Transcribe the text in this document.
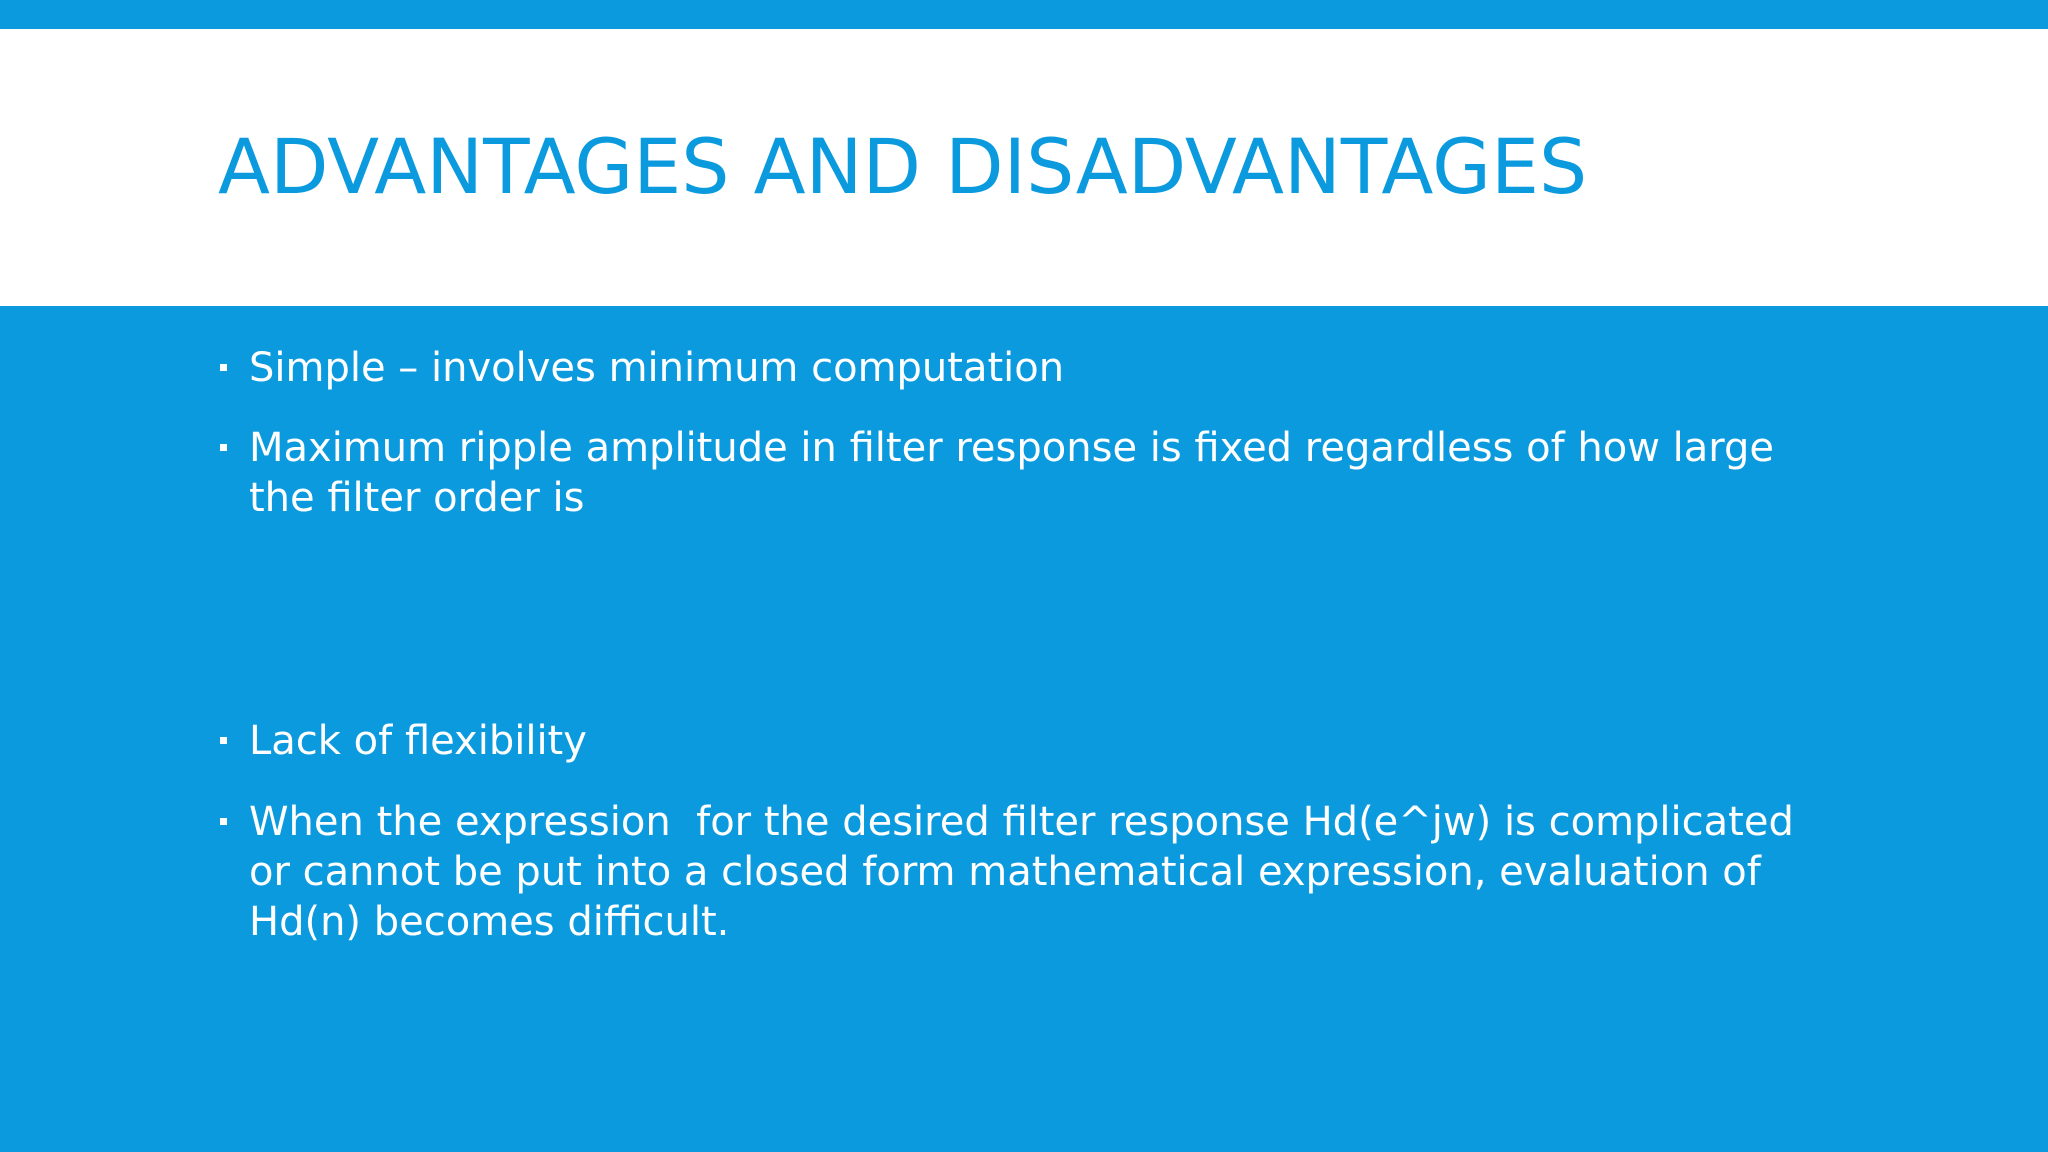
ADVANTAGES AND DISADVANTAGES
Simple – involves minimum computation
Maximum ripple amplitude in filter response is fixed regardless of how large the filter order is
Lack of flexibility
When the expression  for the desired filter response Hd(e^jw) is complicated or cannot be put into a closed form mathematical expression, evaluation of Hd(n) becomes difficult.
